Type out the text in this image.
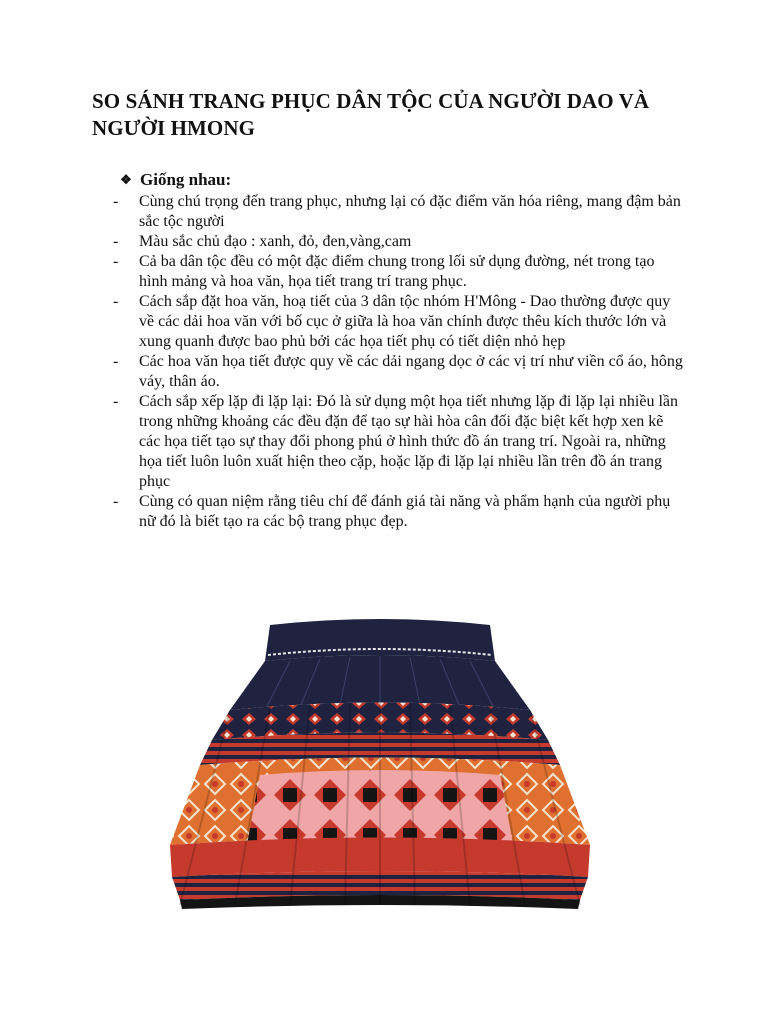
SO SÁNH TRANG PHỤC DÂN TỘC CỦA NGƯỜI DAO VÀ NGƯỜI HMONG
❖ Giống nhau:
- Cùng chú trọng đến trang phục, nhưng lại có đặc điểm văn hóa riêng, mang đậm bản sắc tộc người
- Màu sắc chủ đạo : xanh, đỏ, đen,vàng,cam
- Cả ba dân tộc đều có một đặc điểm chung trong lối sử dụng đường, nét trong tạo hình mảng và hoa văn, họa tiết trang trí trang phục.
- Cách sắp đặt hoa văn, hoạ tiết của 3 dân tộc nhóm H'Mông - Dao thường được quy về các dải hoa văn với bố cục ở giữa là hoa văn chính được thêu kích thước lớn và xung quanh được bao phủ bởi các họa tiết phụ có tiết diện nhỏ hẹp
- Các hoa văn họa tiết được quy về các dải ngang dọc ở các vị trí như viền cổ áo, hông váy, thân áo.
- Cách sắp xếp lặp đi lặp lại: Đó là sử dụng một họa tiết nhưng lặp đi lặp lại nhiều lần trong những khoảng các đều đặn để tạo sự hài hòa cân đối đặc biệt kết hợp xen kẽ các họa tiết tạo sự thay đổi phong phú ở hình thức đồ án trang trí. Ngoài ra, những họa tiết luôn luôn xuất hiện theo cặp, hoặc lặp đi lặp lại nhiều lần trên đồ án trang phục
- Cùng có quan niệm rằng tiêu chí để đánh giá tài năng và phẩm hạnh của người phụ nữ đó là biết tạo ra các bộ trang phục đẹp.
